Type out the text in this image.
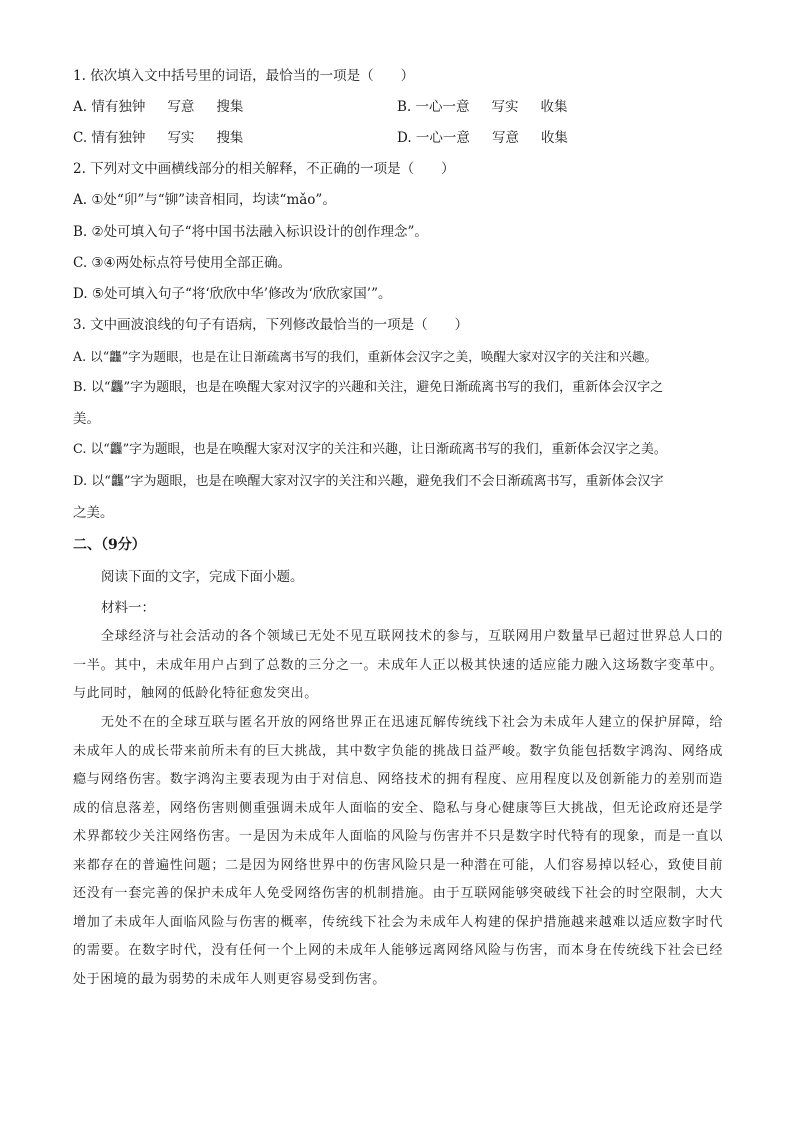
1. 依次填入文中括号里的词语，最恰当的一项是（　　）
A. 情有独钟 写意 搜集	B. 一心一意 写实 收集
C. 情有独钟 写实 搜集	D. 一心一意 写意 收集
2. 下列对文中画横线部分的相关解释，不正确的一项是（　　）
A. ①处“卯”与“铆”读音相同，均读“mǎo”。
B. ②处可填入句子“将中国书法融入标识设计的创作理念”。
C. ③④两处标点符号使用全部正确。
D. ⑤处可填入句子“将‘欣欣中华’修改为‘欣欣家国’”。
3. 文中画波浪线的句子有语病，下列修改最恰当的一项是（　　）
A. 以“龘”字为题眼，也是在让日渐疏离书写的我们，重新体会汉字之美，唤醒大家对汉字的关注和兴趣。
B. 以“龘”字为题眼，也是在唤醒大家对汉字的兴趣和关注，避免日渐疏离书写的我们，重新体会汉字之
美。
C. 以“龘”字为题眼，也是在唤醒大家对汉字的关注和兴趣，让日渐疏离书写的我们，重新体会汉字之美。
D. 以“龘”字为题眼，也是在唤醒大家对汉字的关注和兴趣，避免我们不会日渐疏离书写，重新体会汉字
之美。
二、（9分）
阅读下面的文字，完成下面小题。
材料一：
全球经济与社会活动的各个领域已无处不见互联网技术的参与，互联网用户数量早已超过世界总人口的一半。其中，未成年用户占到了总数的三分之一。未成年人正以极其快速的适应能力融入这场数字变革中。与此同时，触网的低龄化特征愈发突出。
无处不在的全球互联与匿名开放的网络世界正在迅速瓦解传统线下社会为未成年人建立的保护屏障，给未成年人的成长带来前所未有的巨大挑战，其中数字负能的挑战日益严峻。数字负能包括数字鸿沟、网络成瘾与网络伤害。数字鸿沟主要表现为由于对信息、网络技术的拥有程度、应用程度以及创新能力的差别而造成的信息落差，网络伤害则侧重强调未成年人面临的安全、隐私与身心健康等巨大挑战，但无论政府还是学术界都较少关注网络伤害。一是因为未成年人面临的风险与伤害并不只是数字时代特有的现象，而是一直以来都存在的普遍性问题；二是因为网络世界中的伤害风险只是一种潜在可能，人们容易掉以轻心，致使目前还没有一套完善的保护未成年人免受网络伤害的机制措施。由于互联网能够突破线下社会的时空限制，大大增加了未成年人面临风险与伤害的概率，传统线下社会为未成年人构建的保护措施越来越难以适应数字时代的需要。在数字时代，没有任何一个上网的未成年人能够远离网络风险与伤害，而本身在传统线下社会已经处于困境的最为弱势的未成年人则更容易受到伤害。
